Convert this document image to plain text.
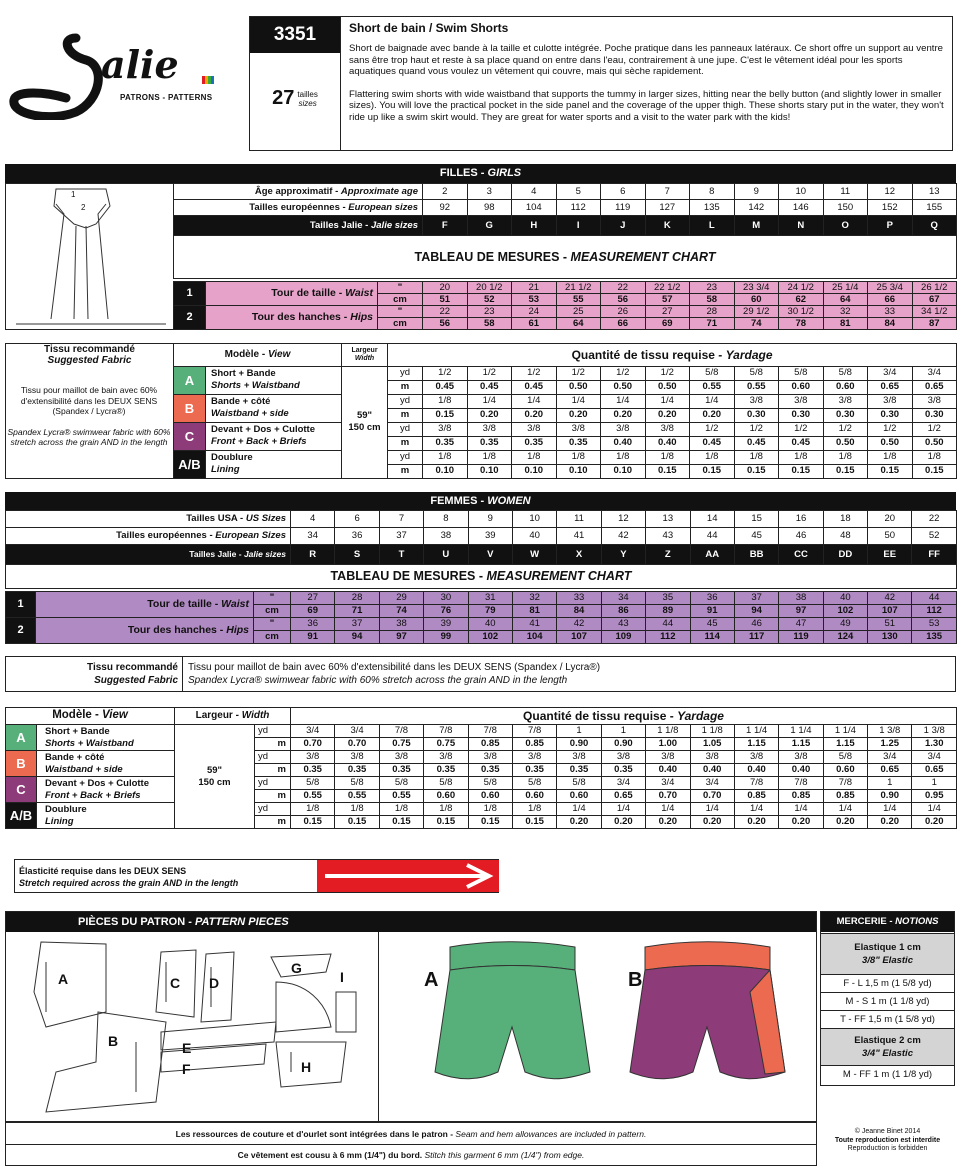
alie
PATRONS - PATTERNS
3351
27 tailles
sizes
Short de bain / Swim Shorts
Short de baignade avec bande à la taille et culotte intégrée. Poche pratique dans les panneaux latéraux. Ce short offre un support au ventre sans être trop haut et reste à sa place quand on entre dans l'eau, contrairement à une jupe. C'est le vêtement idéal pour les sports aquatiques quand vous voulez un vêtement qui couvre, mais qui sèche rapidement.
Flattering swim shorts with wide waistband that supports the tummy in larger sizes, hitting near the belly button (and slightly lower in smaller sizes). You will love the practical pocket in the side panel and the coverage of the upper thigh. These shorts stary put in the water, they won't ride up like a swim skirt would. They are great for water sports and a visit to the water park with the kids!
FILLES - GIRLS
1
2
Âge approximatif - Approximate age	2	3	4	5	6	7	8	9	10	11	12	13
Tailles européennes - European sizes	92	98	104	112	119	127	135	142	146	150	152	155
Tailles Jalie - Jalie sizes	F	G	H	I	J	K	L	M	N	O	P	Q
TABLEAU DE MESURES - MEASUREMENT CHART												
1	Tour de taille - Waist	"	20	20 1/2	21	21 1/2	22	22 1/2	23	23 3/4	24 1/2	25 1/4	25 3/4	26 1/2
		cm	51	52	53	55	56	57	58	60	62	64	66	67
2	Tour des hanches - Hips	"	22	23	24	25	26	27	28	29 1/2	30 1/2	32	33	34 1/2
		cm	56	58	61	64	66	69	71	74	78	81	84	87
Tissu recommandé
Suggested Fabric	Modèle - View		Largeur
Width	Quantité de tissu requise - Yardage												
	A	Short + Bande
Shorts + Waistband	59"
150 cm	yd	1/2	1/2	1/2	1/2	1/2	1/2	5/8	5/8	5/8	5/8	3/4	3/4
				m	0.45	0.45	0.45	0.50	0.50	0.50	0.55	0.55	0.60	0.60	0.65	0.65
	B	Bande + côté
Waistband + side		yd	1/8	1/4	1/4	1/4	1/4	1/4	1/4	3/8	3/8	3/8	3/8	3/8
				m	0.15	0.20	0.20	0.20	0.20	0.20	0.20	0.30	0.30	0.30	0.30	0.30
	C	Devant + Dos + Culotte
Front + Back + Briefs		yd	3/8	3/8	3/8	3/8	3/8	3/8	1/2	1/2	1/2	1/2	1/2	1/2
				m	0.35	0.35	0.35	0.35	0.40	0.40	0.45	0.45	0.45	0.50	0.50	0.50
	A/B	Doublure
Lining		yd	1/8	1/8	1/8	1/8	1/8	1/8	1/8	1/8	1/8	1/8	1/8	1/8
				m	0.10	0.10	0.10	0.10	0.10	0.15	0.15	0.15	0.15	0.15	0.15	0.15
Tissu pour maillot de bain avec 60% d'extensibilité dans les DEUX SENS (Spandex / Lycra®)
Spandex Lycra® swimwear fabric with 60% stretch across the grain AND in the length
FEMMES - WOMEN
Tailles USA - US Sizes	4	6	7	8	9	10	11	12	13	14	15	16	18	20	22
Tailles européennes - European Sizes	34	36	37	38	39	40	41	42	43	44	45	46	48	50	52
Tailles Jalie - Jalie sizes	R	S	T	U	V	W	X	Y	Z	AA	BB	CC	DD	EE	FF
TABLEAU DE MESURES - MEASUREMENT CHART															
1	Tour de taille - Waist	"	27	28	29	30	31	32	33	34	35	36	37	38	40	42	44
		cm	69	71	74	76	79	81	84	86	89	91	94	97	102	107	112
2	Tour des hanches - Hips	"	36	37	38	39	40	41	42	43	44	45	46	47	49	51	53
		cm	91	94	97	99	102	104	107	109	112	114	117	119	124	130	135
Tissu recommandé
Suggested Fabric
Tissu pour maillot de bain avec 60% d'extensibilité dans les DEUX SENS (Spandex / Lycra®)
Spandex Lycra® swimwear fabric with 60% stretch across the grain AND in the length
Modèle - View		Largeur - Width		Quantité de tissu requise - Yardage														
A	Short + Bande
Shorts + Waistband	59"
150 cm	yd	3/4	3/4	7/8	7/8	7/8	7/8	1	1	1 1/8	1 1/8	1 1/4	1 1/4	1 1/4	1 3/8	1 3/8
			m	0.70	0.70	0.75	0.75	0.85	0.85	0.90	0.90	1.00	1.05	1.15	1.15	1.15	1.25	1.30
B	Bande + côté
Waistband + side		yd	3/8	3/8	3/8	3/8	3/8	3/8	3/8	3/8	3/8	3/8	3/8	3/8	5/8	3/4	3/4
			m	0.35	0.35	0.35	0.35	0.35	0.35	0.35	0.35	0.40	0.40	0.40	0.40	0.60	0.65	0.65
C	Devant + Dos + Culotte
Front + Back + Briefs		yd	5/8	5/8	5/8	5/8	5/8	5/8	5/8	3/4	3/4	3/4	7/8	7/8	7/8	1	1
			m	0.55	0.55	0.55	0.60	0.60	0.60	0.60	0.65	0.70	0.70	0.85	0.85	0.85	0.90	0.95
A/B	Doublure
Lining		yd	1/8	1/8	1/8	1/8	1/8	1/8	1/4	1/4	1/4	1/4	1/4	1/4	1/4	1/4	1/4
			m	0.15	0.15	0.15	0.15	0.15	0.15	0.20	0.20	0.20	0.20	0.20	0.20	0.20	0.20	0.20
Élasticité requise dans les DEUX SENS
Stretch required across the grain AND in the length
PIÈCES DU PATRON - PATTERN PIECES
A
B
C D
E
F
G
H
I	A	B
MERCERIE - NOTIONS
Elastique 1 cm
3/8" Elastic
F - L 1,5 m (1 5/8 yd)
M - S 1 m (1 1/8 yd)
T - FF 1,5 m (1 5/8 yd)
Elastique 2 cm
3/4" Elastic
M - FF 1 m (1 1/8 yd)
Les ressources de couture et d'ourlet sont intégrées dans le patron - Seam and hem allowances are included in pattern.
Ce vêtement est cousu à 6 mm (1/4") du bord. Stitch this garment 6 mm (1/4") from edge.
© Jeanne Binet 2014
Toute reproduction est interdite
Reproduction is forbidden
